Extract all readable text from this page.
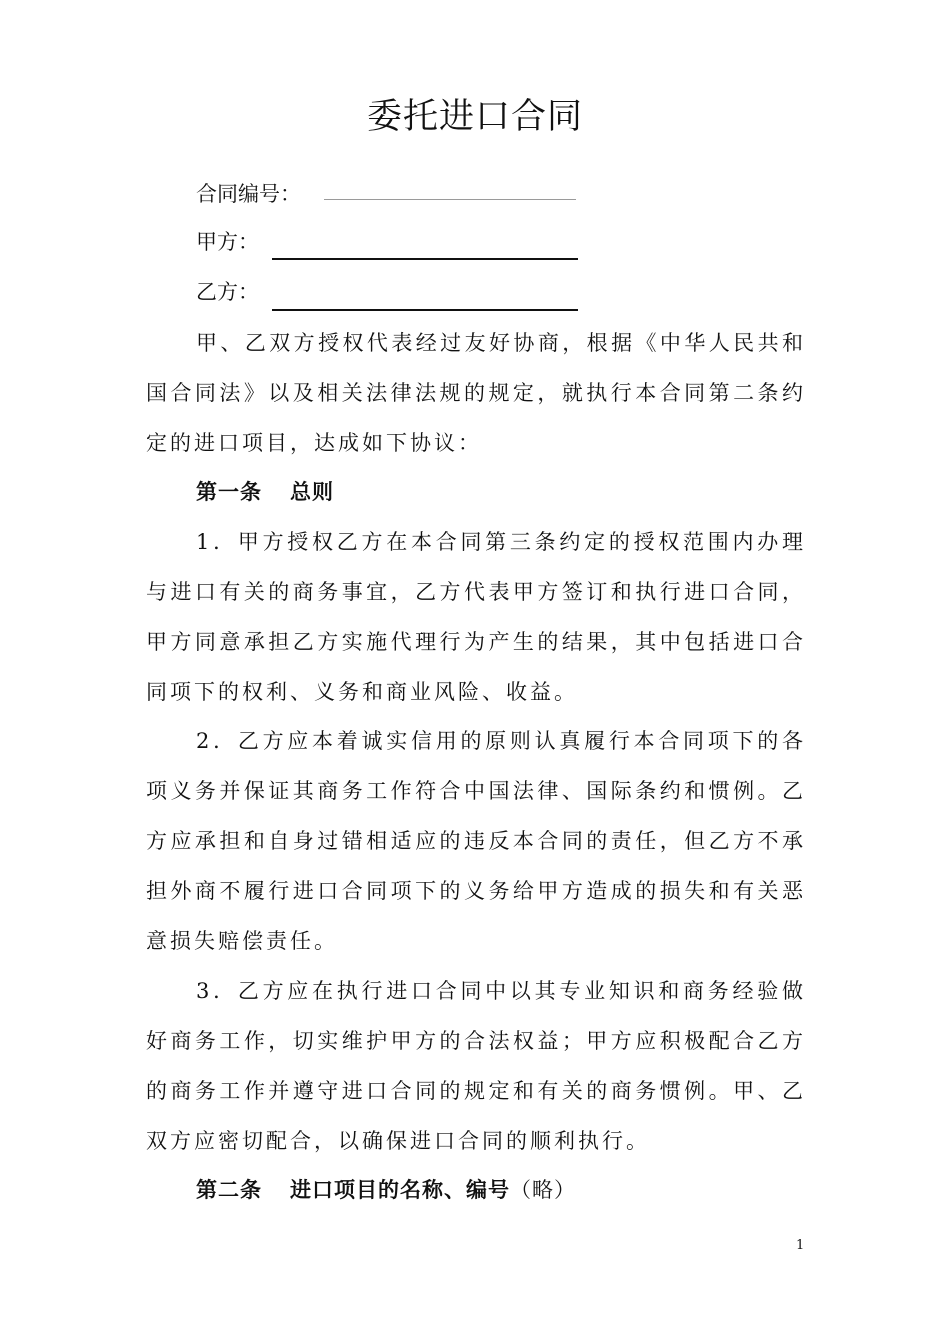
委托进口合同
合同编号：
甲方：
乙方：

甲、乙双方授权代表经过友好协商，根据《中华人民共和国合同法》以及相关法律法规的规定，就执行本合同第二条约定的进口项目，达成如下协议：

第一条 总则

1．甲方授权乙方在本合同第三条约定的授权范围内办理与进口有关的商务事宜，乙方代表甲方签订和执行进口合同，甲方同意承担乙方实施代理行为产生的结果，其中包括进口合同项下的权利、义务和商业风险、收益。

2．乙方应本着诚实信用的原则认真履行本合同项下的各项义务并保证其商务工作符合中国法律、国际条约和惯例。乙方应承担和自身过错相适应的违反本合同的责任，但乙方不承担外商不履行进口合同项下的义务给甲方造成的损失和有关恶意损失赔偿责任。

3．乙方应在执行进口合同中以其专业知识和商务经验做好商务工作，切实维护甲方的合法权益；甲方应积极配合乙方的商务工作并遵守进口合同的规定和有关的商务惯例。甲、乙双方应密切配合，以确保进口合同的顺利执行。

第二条 进口项目的名称、编号（略）
1
